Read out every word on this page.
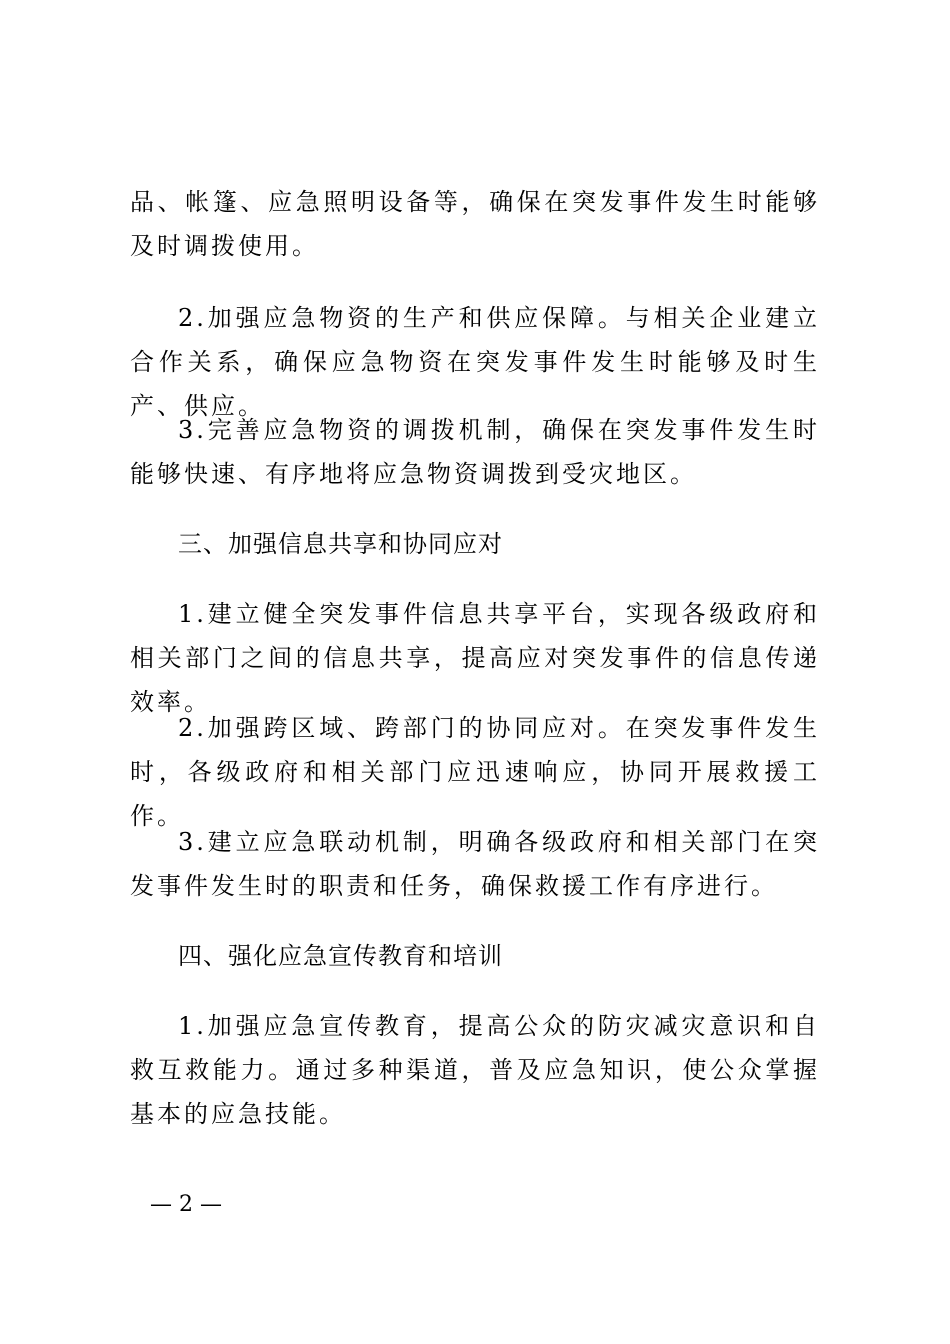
品、帐篷、应急照明设备等，确保在突发事件发生时能够及时调拨使用。

2.加强应急物资的生产和供应保障。与相关企业建立合作关系，确保应急物资在突发事件发生时能够及时生产、供应。

3.完善应急物资的调拨机制，确保在突发事件发生时能够快速、有序地将应急物资调拨到受灾地区。

三、加强信息共享和协同应对

1.建立健全突发事件信息共享平台，实现各级政府和相关部门之间的信息共享，提高应对突发事件的信息传递效率。

2.加强跨区域、跨部门的协同应对。在突发事件发生时，各级政府和相关部门应迅速响应，协同开展救援工作。

3.建立应急联动机制，明确各级政府和相关部门在突发事件发生时的职责和任务，确保救援工作有序进行。

四、强化应急宣传教育和培训

1.加强应急宣传教育，提高公众的防灾减灾意识和自救互救能力。通过多种渠道，普及应急知识，使公众掌握基本的应急技能。

— 2 —
